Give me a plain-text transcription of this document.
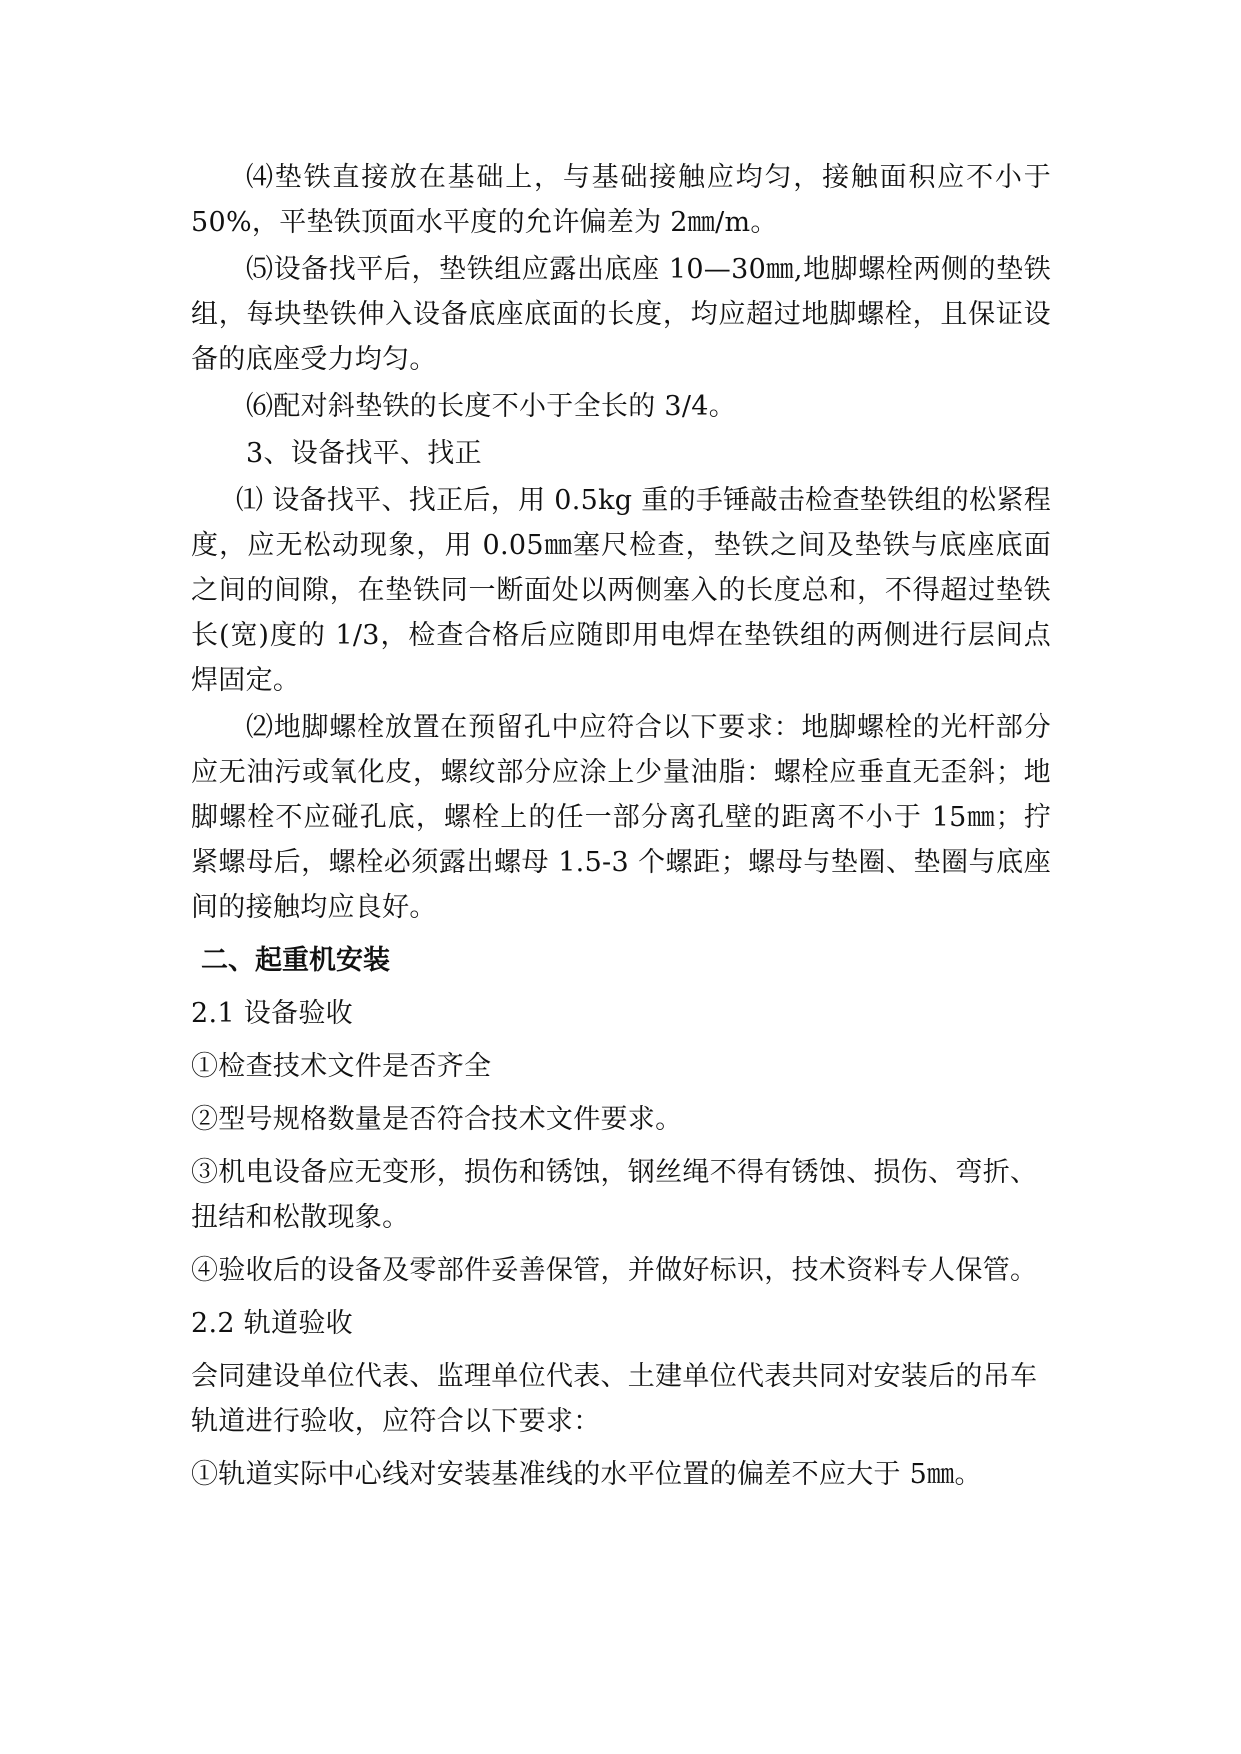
⑷垫铁直接放在基础上，与基础接触应均匀，接触面积应不小于 50%，平垫铁顶面水平度的允许偏差为 2㎜/m。

⑸设备找平后，垫铁组应露出底座 10—30㎜,地脚螺栓两侧的垫铁组，每块垫铁伸入设备底座底面的长度，均应超过地脚螺栓，且保证设备的底座受力均匀。

⑹配对斜垫铁的长度不小于全长的 3/4。

3、设备找平、找正

⑴ 设备找平、找正后，用 0.5kg 重的手锤敲击检查垫铁组的松紧程度，应无松动现象，用 0.05㎜塞尺检查，垫铁之间及垫铁与底座底面之间的间隙，在垫铁同一断面处以两侧塞入的长度总和，不得超过垫铁长(宽)度的 1/3，检查合格后应随即用电焊在垫铁组的两侧进行层间点焊固定。

⑵地脚螺栓放置在预留孔中应符合以下要求：地脚螺栓的光杆部分应无油污或氧化皮，螺纹部分应涂上少量油脂：螺栓应垂直无歪斜；地脚螺栓不应碰孔底，螺栓上的任一部分离孔壁的距离不小于 15㎜；拧紧螺母后，螺栓必须露出螺母 1.5-3 个螺距；螺母与垫圈、垫圈与底座间的接触均应良好。

二、起重机安装
2.1 设备验收
①检查技术文件是否齐全
②型号规格数量是否符合技术文件要求。
③机电设备应无变形，损伤和锈蚀，钢丝绳不得有锈蚀、损伤、弯折、扭结和松散现象。
④验收后的设备及零部件妥善保管，并做好标识，技术资料专人保管。
2.2 轨道验收
会同建设单位代表、监理单位代表、土建单位代表共同对安装后的吊车轨道进行验收，应符合以下要求：
①轨道实际中心线对安装基准线的水平位置的偏差不应大于 5㎜。
